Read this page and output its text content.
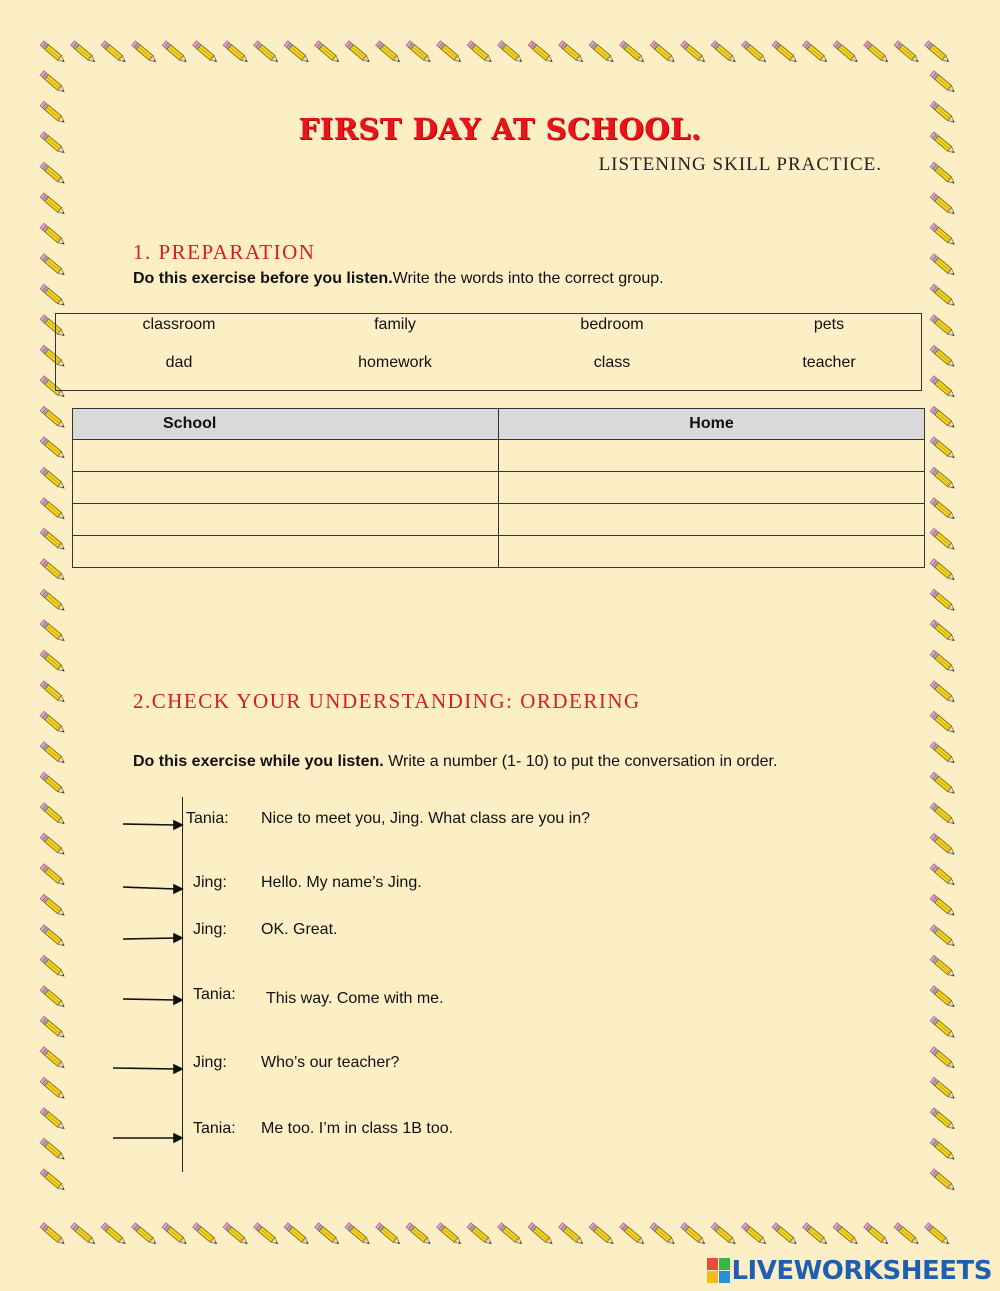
FIRST DAY AT SCHOOL.
LISTENING SKILL PRACTICE.
1. PREPARATION
Do this exercise before you listen.Write the words into the correct group.
classroom	family	bedroom	pets
dad	homework	class	teacher
School	Home

2.CHECK YOUR UNDERSTANDING: ORDERING
Do this exercise while you listen. Write a number (1- 10) to put the conversation in order.
Tania: Nice to meet you, Jing. What class are you in?
Jing: Hello. My name’s Jing.
Jing: OK. Great.
Tania: This way. Come with me.
Jing: Who’s our teacher?
Tania: Me too. I’m in class 1B too.
LIVEWORKSHEETS
